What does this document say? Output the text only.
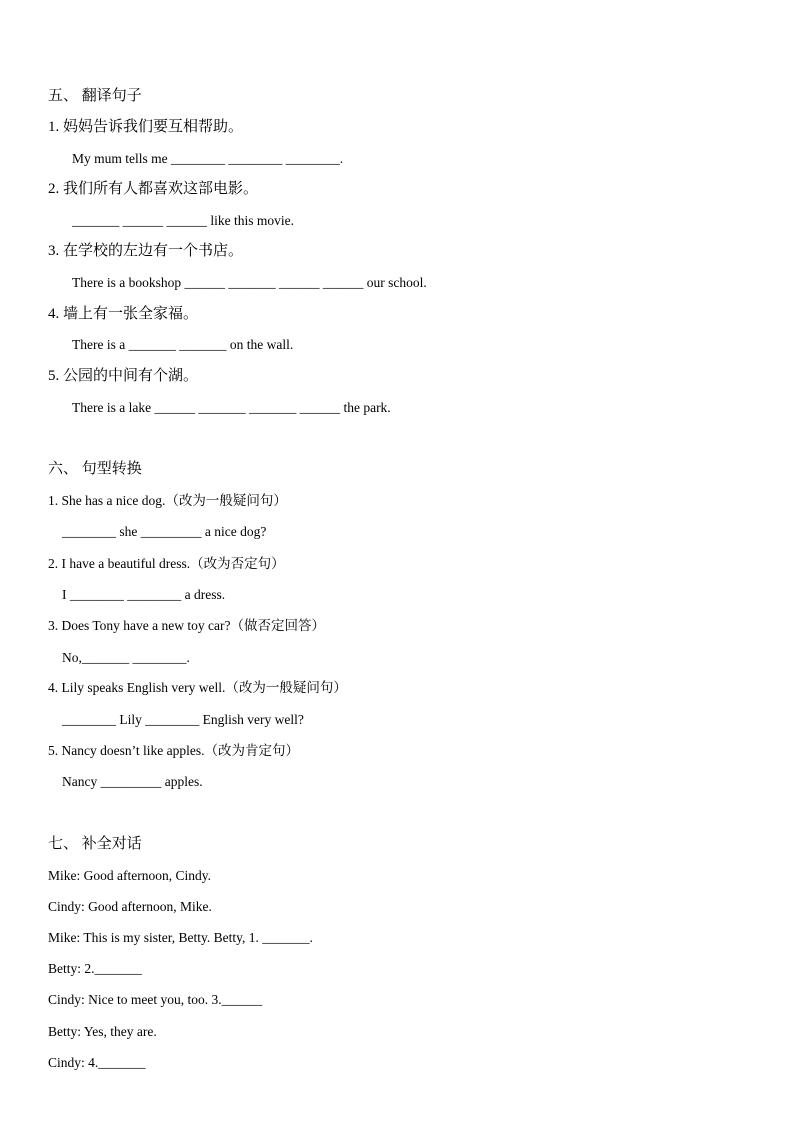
五、 翻译句子
1. 妈妈告诉我们要互相帮助。
My mum tells me ________ ________ ________.
2. 我们所有人都喜欢这部电影。
_______ ______ ______ like this movie.
3. 在学校的左边有一个书店。
There is a bookshop ______ _______ ______ ______ our school.
4. 墙上有一张全家福。
There is a _______ _______ on the wall.
5. 公园的中间有个湖。
There is a lake ______ _______ _______ ______ the park.
六、 句型转换
1. She has a nice dog.（改为一般疑问句）
________ she _________ a nice dog?
2. I have a beautiful dress.（改为否定句）
I ________ ________ a dress.
3. Does Tony have a new toy car?（做否定回答）
No,_______ ________.
4. Lily speaks English very well.（改为一般疑问句）
________ Lily ________ English very well?
5. Nancy doesn’t like apples.（改为肯定句）
Nancy _________ apples.
七、 补全对话
Mike: Good afternoon, Cindy.
Cindy: Good afternoon, Mike.
Mike: This is my sister, Betty. Betty, 1. _______.
Betty: 2._______
Cindy: Nice to meet you, too. 3.______
Betty: Yes, they are.
Cindy: 4._______
